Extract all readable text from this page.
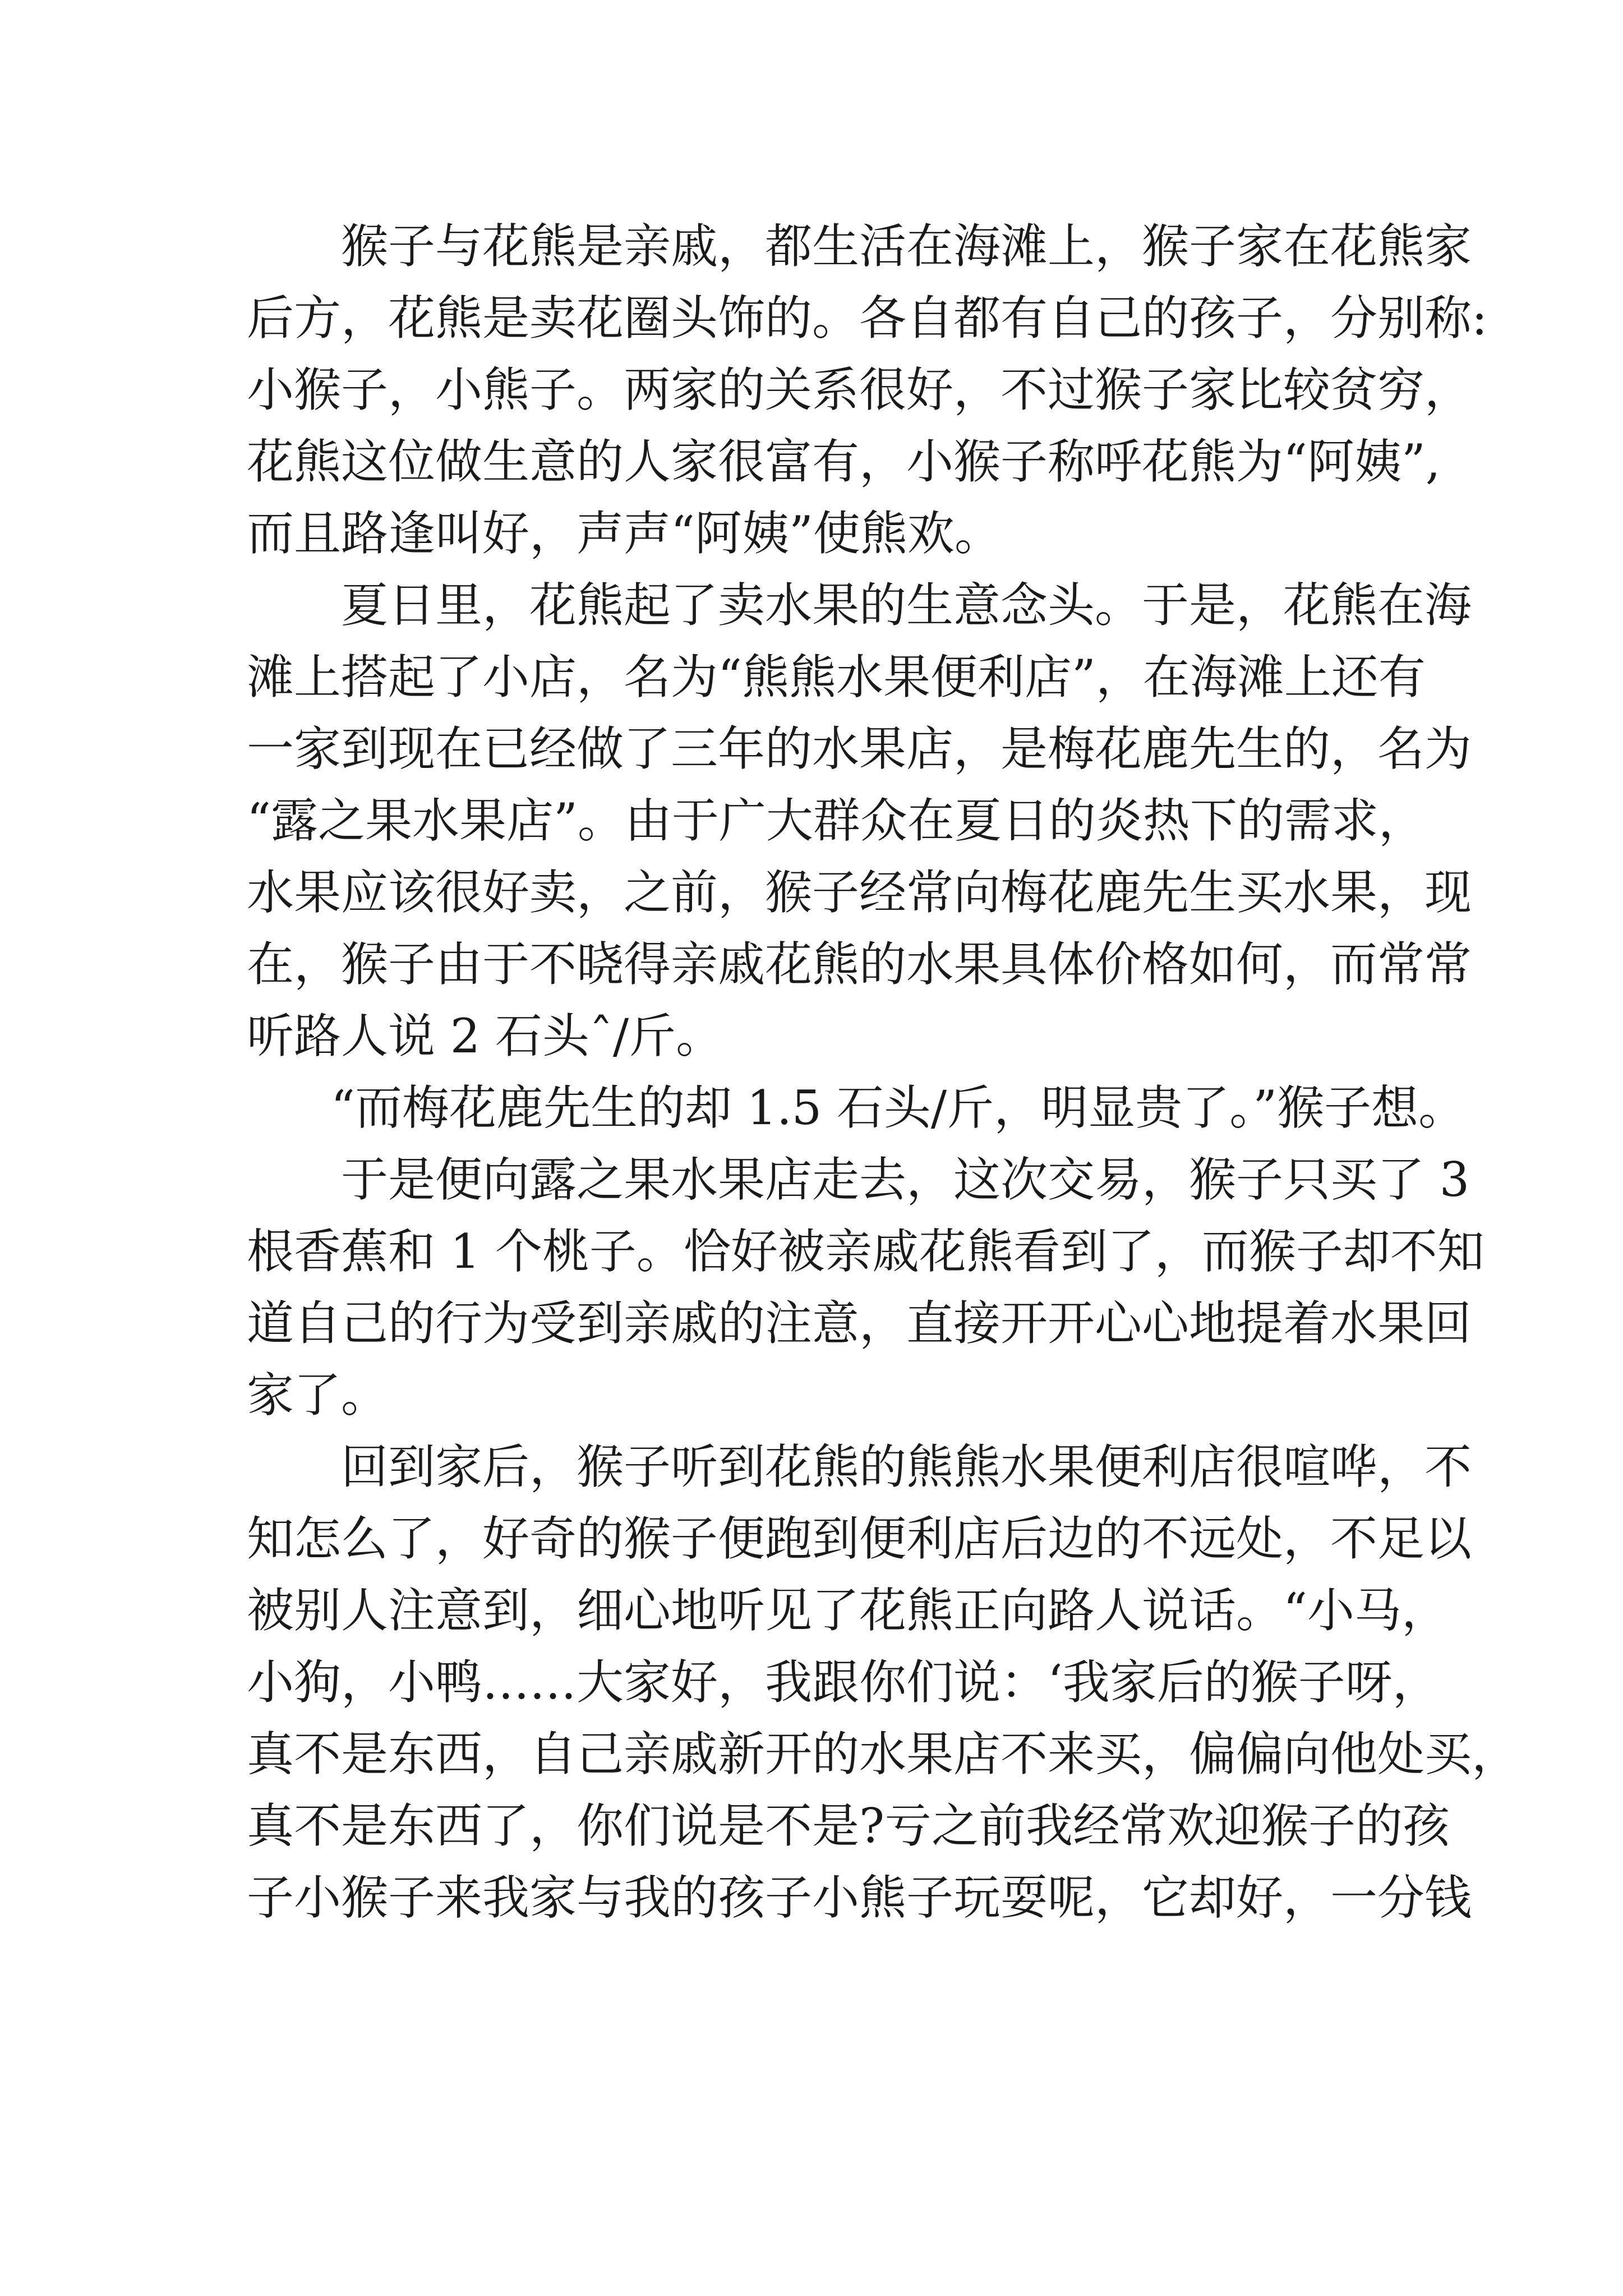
猴子与花熊是亲戚，都生活在海滩上，猴子家在花熊家
后方，花熊是卖花圈头饰的。各自都有自己的孩子，分别称:
小猴子，小熊子。两家的关系很好，不过猴子家比较贫穷，
花熊这位做生意的人家很富有，小猴子称呼花熊为“阿姨”,
而且路逢叫好，声声“阿姨”使熊欢。
夏日里，花熊起了卖水果的生意念头。于是，花熊在海
滩上搭起了小店，名为“熊熊水果便利店”，在海滩上还有
一家到现在已经做了三年的水果店，是梅花鹿先生的，名为
“露之果水果店”。由于广大群众在夏日的炎热下的需求，
水果应该很好卖，之前，猴子经常向梅花鹿先生买水果，现
在，猴子由于不晓得亲戚花熊的水果具体价格如何，而常常
听路人说 2 石头ˆ/斤。
“而梅花鹿先生的却 1.5 石头/斤，明显贵了。”猴子想。
于是便向露之果水果店走去，这次交易，猴子只买了 3
根香蕉和 1 个桃子。恰好被亲戚花熊看到了，而猴子却不知
道自己的行为受到亲戚的注意，直接开开心心地提着水果回
家了。
回到家后，猴子听到花熊的熊熊水果便利店很喧哗，不
知怎么了，好奇的猴子便跑到便利店后边的不远处，不足以
被别人注意到，细心地听见了花熊正向路人说话。“小马，
小狗，小鸭……大家好，我跟你们说：‘我家后的猴子呀，
真不是东西，自己亲戚新开的水果店不来买，偏偏向他处买，
真不是东西了，你们说是不是?亏之前我经常欢迎猴子的孩
子小猴子来我家与我的孩子小熊子玩耍呢，它却好，一分钱
